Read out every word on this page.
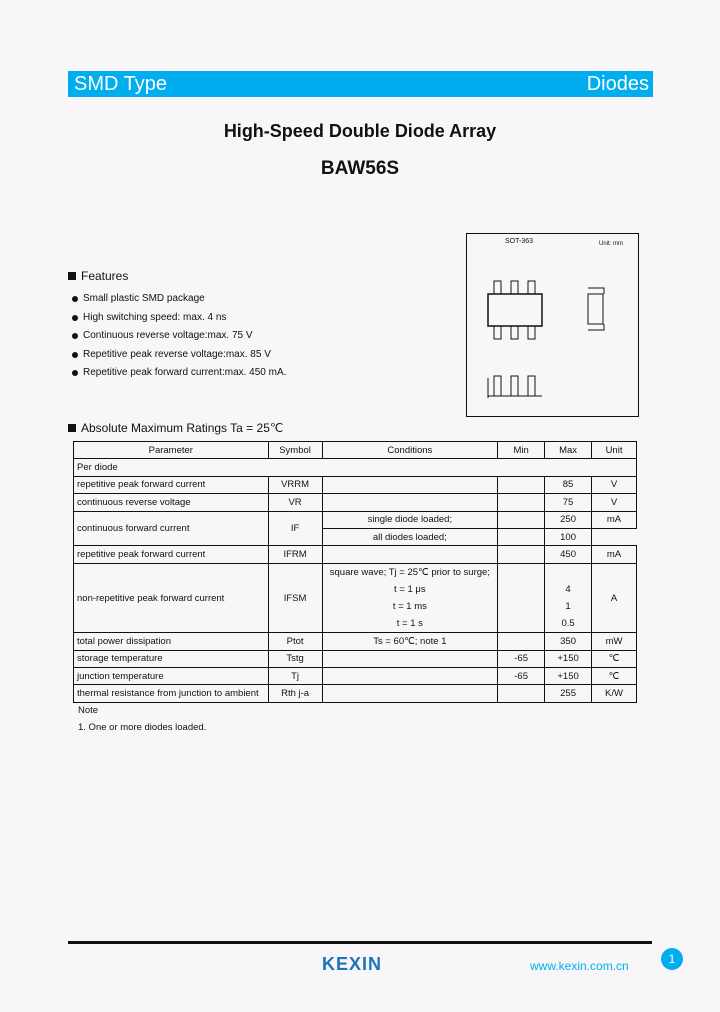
SMD Type	Diodes
High-Speed Double Diode Array
BAW56S
Features
Small plastic SMD package
High switching speed: max. 4 ns
Continuous reverse voltage:max. 75 V
Repetitive peak reverse voltage:max. 85 V
Repetitive peak forward current:max. 450 mA.
SOT-363	Unit: mm
Absolute Maximum Ratings Ta = 25℃
Parameter	Symbol	Conditions	Min	Max	Unit
Per diode					
repetitive peak forward current	VRRM			85	V
continuous reverse voltage	VR			75	V
continuous forward current	IF	single diode loaded;		250	mA
		all diodes loaded;		100	
repetitive peak forward current	IFRM			450	mA
non-repetitive peak forward current	IFSM	square wave; Tj = 25℃ prior to surge;			A
		t = 1 μs		4	
		t = 1 ms		1	
		t = 1 s		0.5	
total power dissipation	Ptot	Ts = 60℃; note 1		350	mW
storage temperature	Tstg		-65	+150	℃
junction temperature	Tj		-65	+150	℃
thermal resistance from junction to ambient	Rth j-a			255	K/W
Note
1. One or more diodes loaded.
KEXIN	www.kexin.com.cn	1
